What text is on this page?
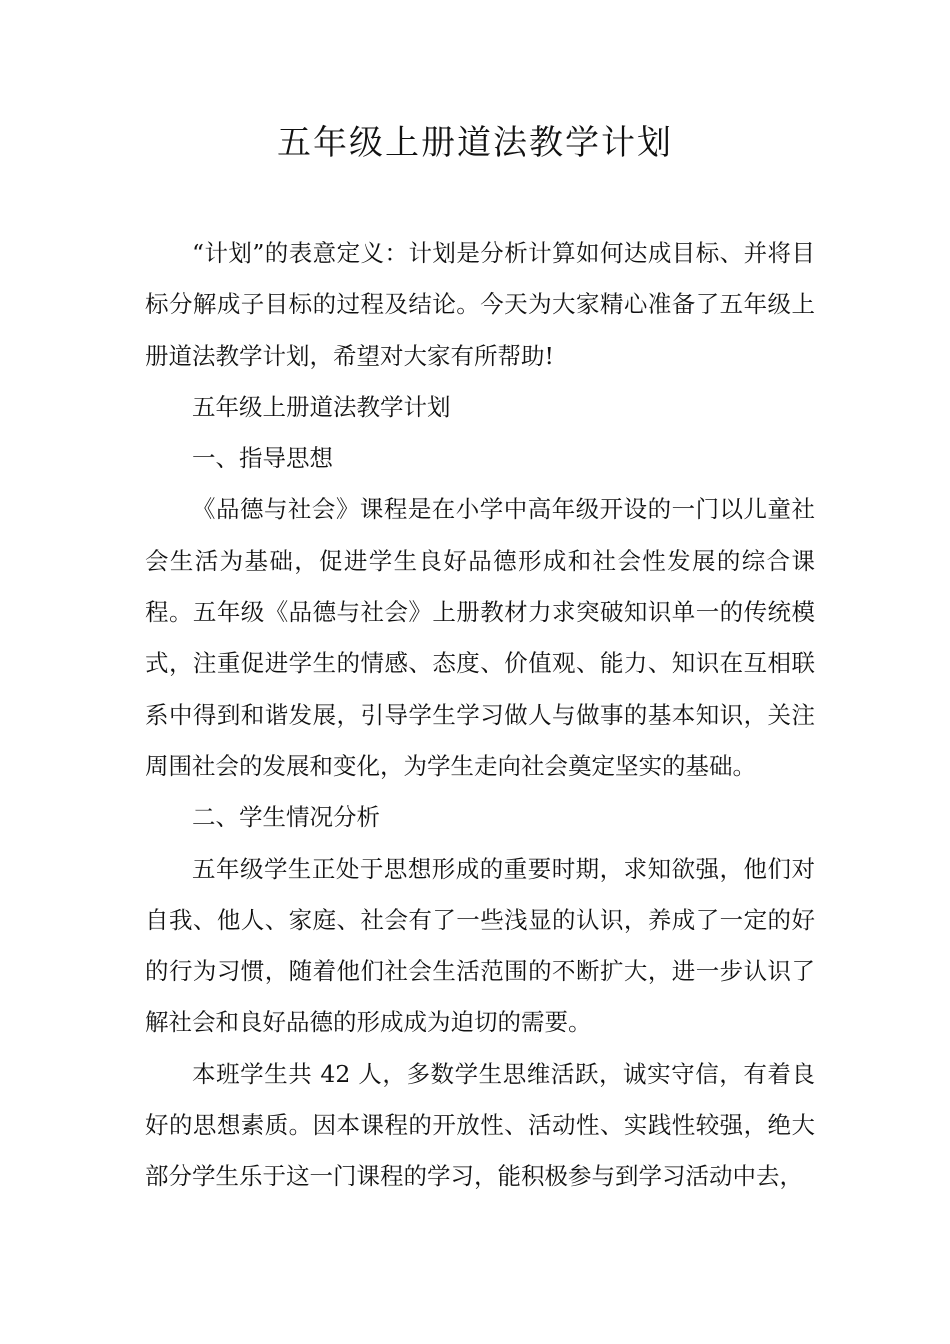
五年级上册道法教学计划

“计划”的表意定义：计划是分析计算如何达成目标、并将目标分解成子目标的过程及结论。今天为大家精心准备了五年级上册道法教学计划，希望对大家有所帮助!

五年级上册道法教学计划

一、指导思想

《品德与社会》课程是在小学中高年级开设的一门以儿童社会生活为基础，促进学生良好品德形成和社会性发展的综合课程。五年级《品德与社会》上册教材力求突破知识单一的传统模式，注重促进学生的情感、态度、价值观、能力、知识在互相联系中得到和谐发展，引导学生学习做人与做事的基本知识，关注周围社会的发展和变化，为学生走向社会奠定坚实的基础。

二、学生情况分析

五年级学生正处于思想形成的重要时期，求知欲强，他们对自我、他人、家庭、社会有了一些浅显的认识，养成了一定的好的行为习惯，随着他们社会生活范围的不断扩大，进一步认识了解社会和良好品德的形成成为迫切的需要。

本班学生共 42 人，多数学生思维活跃，诚实守信，有着良好的思想素质。因本课程的开放性、活动性、实践性较强，绝大部分学生乐于这一门课程的学习，能积极参与到学习活动中去，
